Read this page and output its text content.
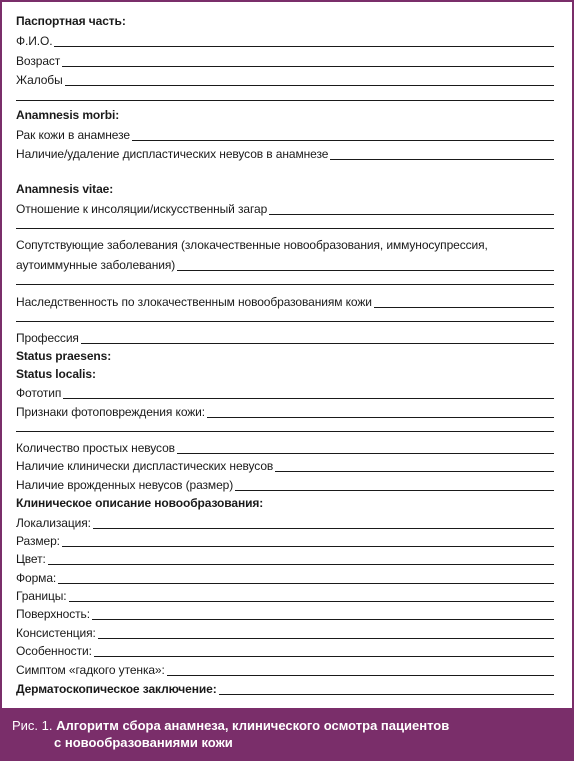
Паспортная часть:
Ф.И.О.
Возраст
Жалобы
Anamnesis morbi:
Рак кожи в анамнезе
Наличие/удаление диспластических невусов в анамнезе
Anamnesis vitae:
Отношение к инсоляции/искусственный загар
Сопутствующие заболевания (злокачественные новообразования, иммуносупрессия,
аутоиммунные заболевания)
Наследственность по злокачественным новообразованиям кожи
Профессия
Status praesens:
Status localis:
Фототип
Признаки фотоповреждения кожи:
Количество простых невусов
Наличие клинически диспластических невусов
Наличие врожденных невусов (размер)
Клиническое описание новообразования:
Локализация:
Размер:
Цвет:
Форма:
Границы:
Поверхность:
Консистенция:
Особенности:
Симптом «гадкого утенка»:
Дерматоскопическое заключение:
Рис. 1. Алгоритм сбора анамнеза, клинического осмотра пациентов
с новообразованиями кожи
